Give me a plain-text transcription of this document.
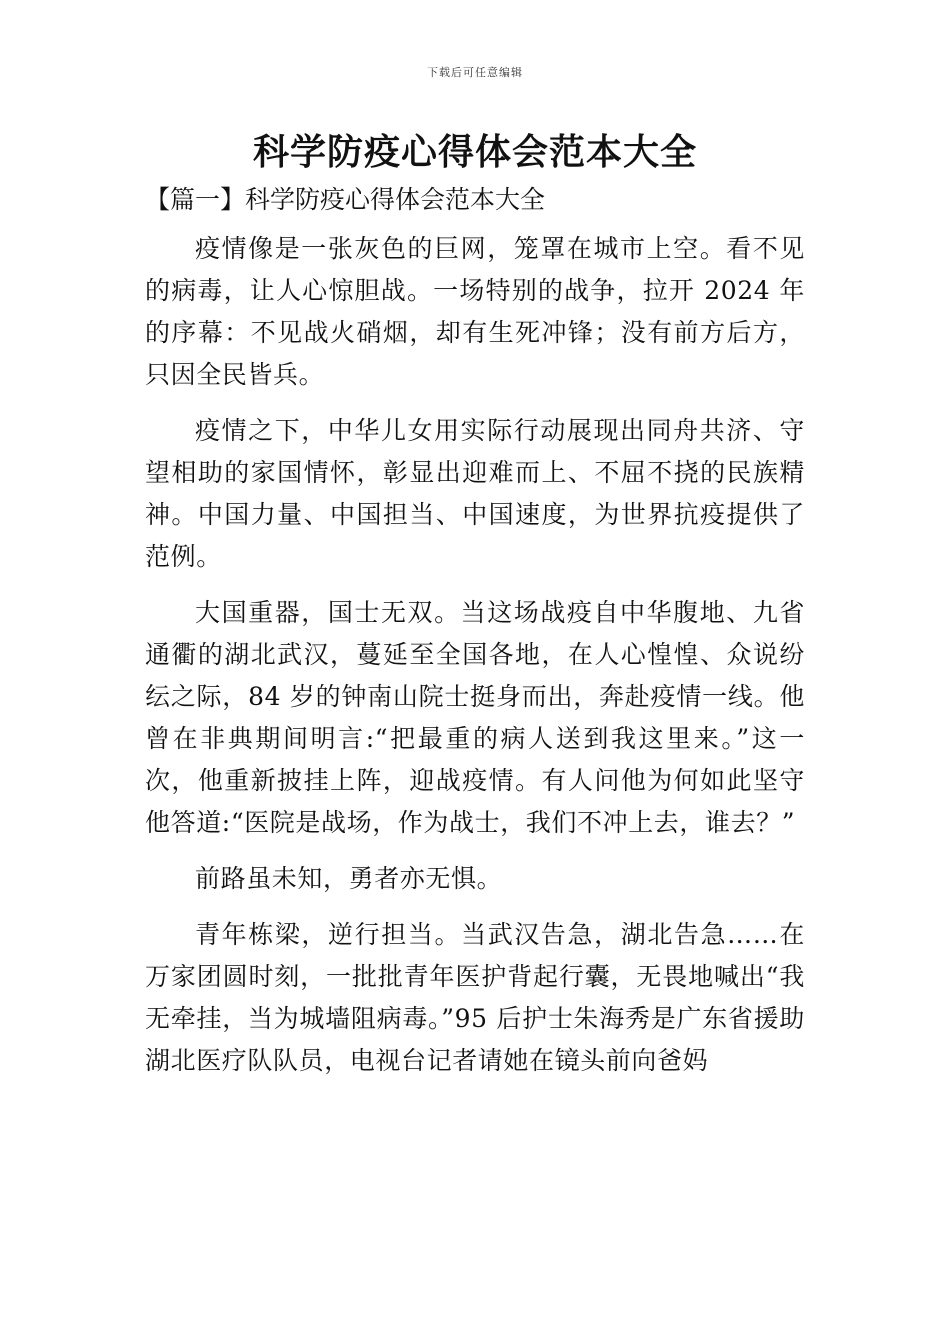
下载后可任意编辑
科学防疫心得体会范本大全
【篇一】科学防疫心得体会范本大全

疫情像是一张灰色的巨网，笼罩在城市上空。看不见的病毒，让人心惊胆战。一场特别的战争，拉开 2024 年的序幕：不见战火硝烟，却有生死冲锋；没有前方后方，只因全民皆兵。

疫情之下，中华儿女用实际行动展现出同舟共济、守望相助的家国情怀，彰显出迎难而上、不屈不挠的民族精神。中国力量、中国担当、中国速度，为世界抗疫提供了范例。

大国重器，国士无双。当这场战疫自中华腹地、九省通衢的湖北武汉，蔓延至全国各地，在人心惶惶、众说纷纭之际，84 岁的钟南山院士挺身而出，奔赴疫情一线。他曾在非典期间明言:“把最重的病人送到我这里来。”这一次，他重新披挂上阵，迎战疫情。有人问他为何如此坚守他答道:“医院是战场，作为战士，我们不冲上去，谁去？”

前路虽未知，勇者亦无惧。

青年栋梁，逆行担当。当武汉告急，湖北告急……在万家团圆时刻，一批批青年医护背起行囊，无畏地喊出“我无牵挂，当为城墙阻病毒。”95 后护士朱海秀是广东省援助湖北医疗队队员，电视台记者请她在镜头前向爸妈
